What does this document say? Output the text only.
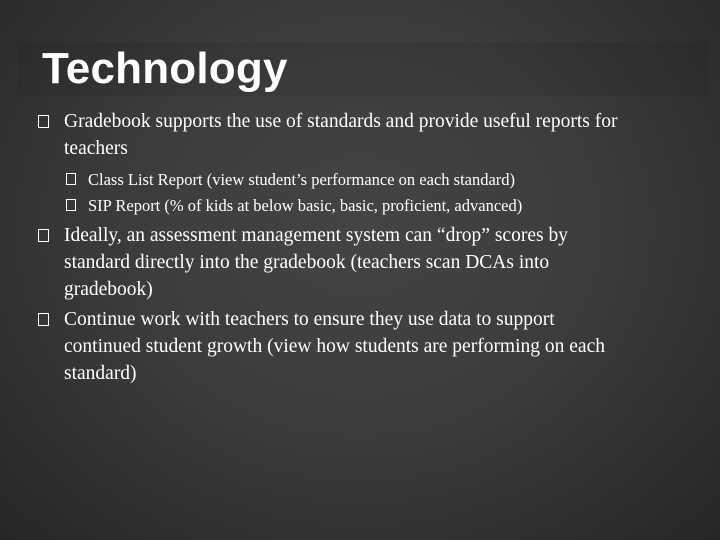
Technology
Gradebook supports the use of standards and provide useful reports for teachers
Class List Report (view student’s performance on each standard)
SIP Report (% of kids at below basic, basic, proficient, advanced)
Ideally, an assessment management system can “drop” scores by standard directly into the gradebook (teachers scan DCAs into gradebook)
Continue work with teachers to ensure they use data to support continued student growth (view how students are performing on each standard)
